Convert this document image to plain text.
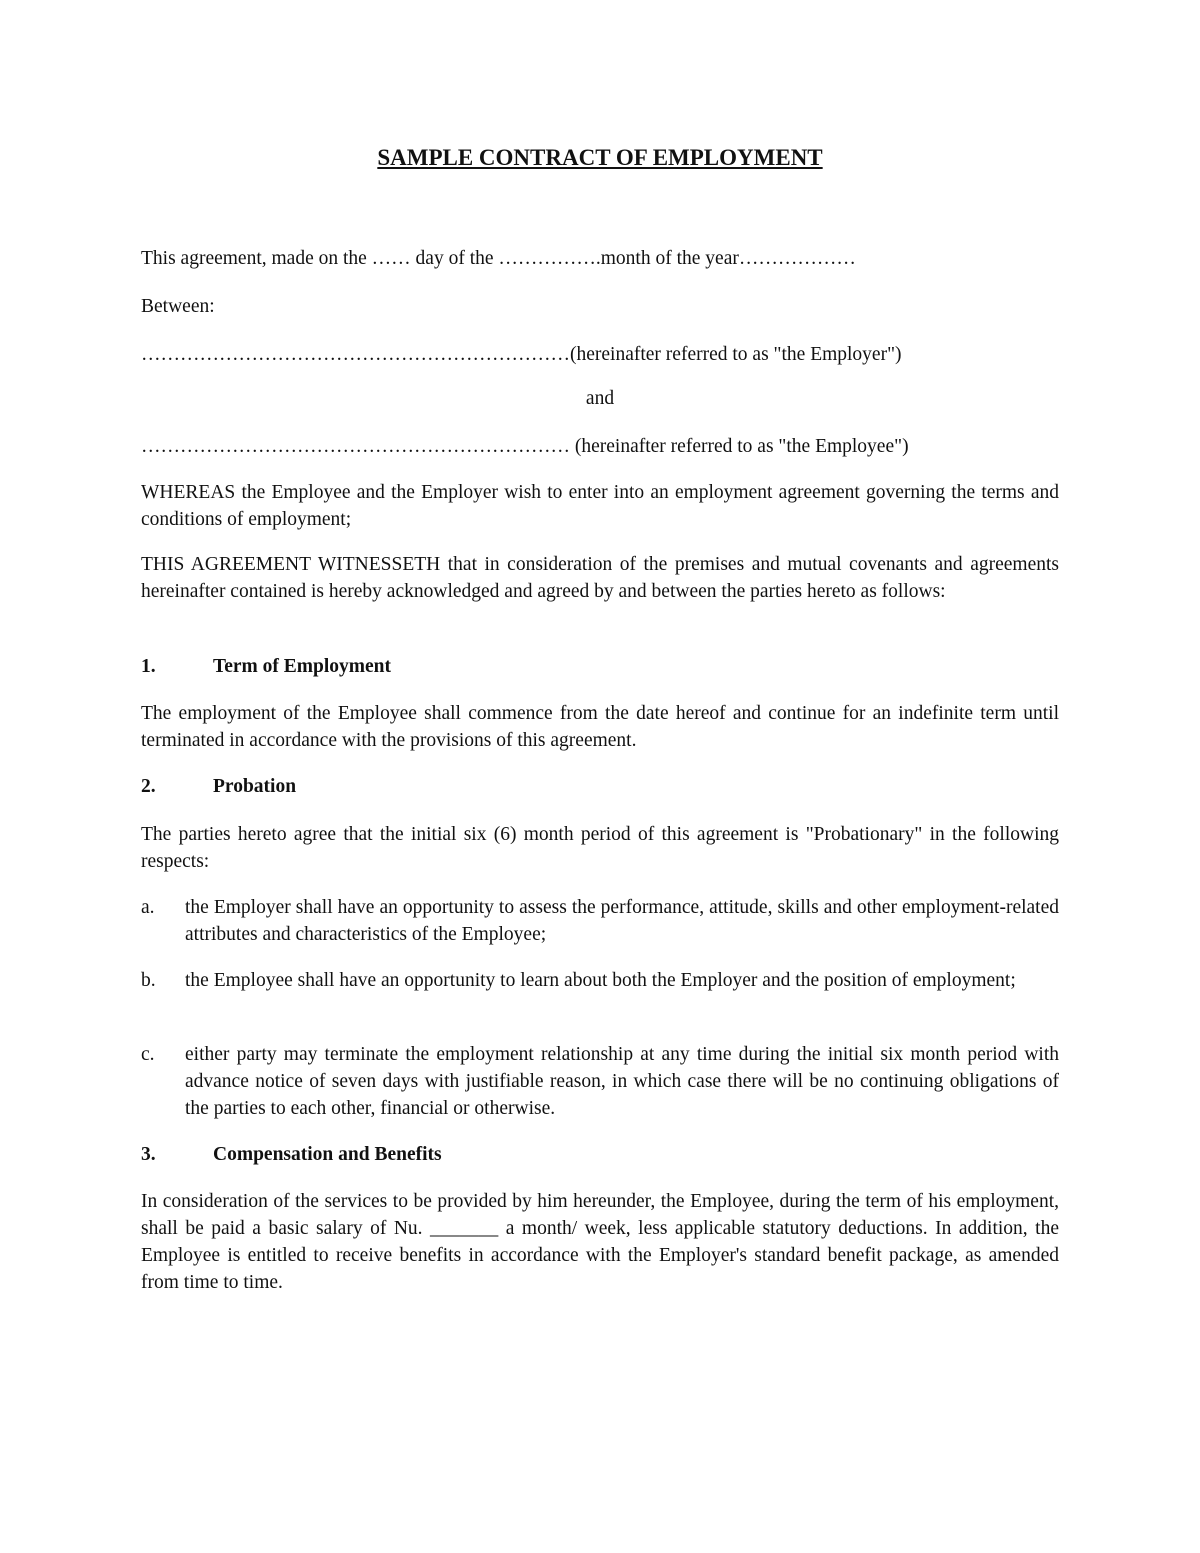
SAMPLE CONTRACT OF EMPLOYMENT
This agreement, made on the …… day of the …………….month of the year………………
Between:
…………………………………………………………(hereinafter referred to as "the Employer")
and
………………………………………………………… (hereinafter referred to as "the Employee")
WHEREAS the Employee and the Employer wish to enter into an employment agreement governing the terms and conditions of employment;
THIS AGREEMENT WITNESSETH that in consideration of the premises and mutual covenants and agreements hereinafter contained is hereby acknowledged and agreed by and between the parties hereto as follows:
1.	Term of Employment
The employment of the Employee shall commence from the date hereof and continue for an indefinite term until terminated in accordance with the provisions of this agreement.
2.	Probation
The parties hereto agree that the initial six (6) month period of this agreement is "Probationary" in the following respects:
a. the Employer shall have an opportunity to assess the performance, attitude, skills and other employment-related attributes and characteristics of the Employee;
b. the Employee shall have an opportunity to learn about both the Employer and the position of employment;
c. either party may terminate the employment relationship at any time during the initial six month period with advance notice of seven days with justifiable reason, in which case there will be no continuing obligations of the parties to each other, financial or otherwise.
3.	Compensation and Benefits
In consideration of the services to be provided by him hereunder, the Employee, during the term of his employment, shall be paid a basic salary of Nu. _______ a month/ week, less applicable statutory deductions. In addition, the Employee is entitled to receive benefits in accordance with the Employer's standard benefit package, as amended from time to time.
